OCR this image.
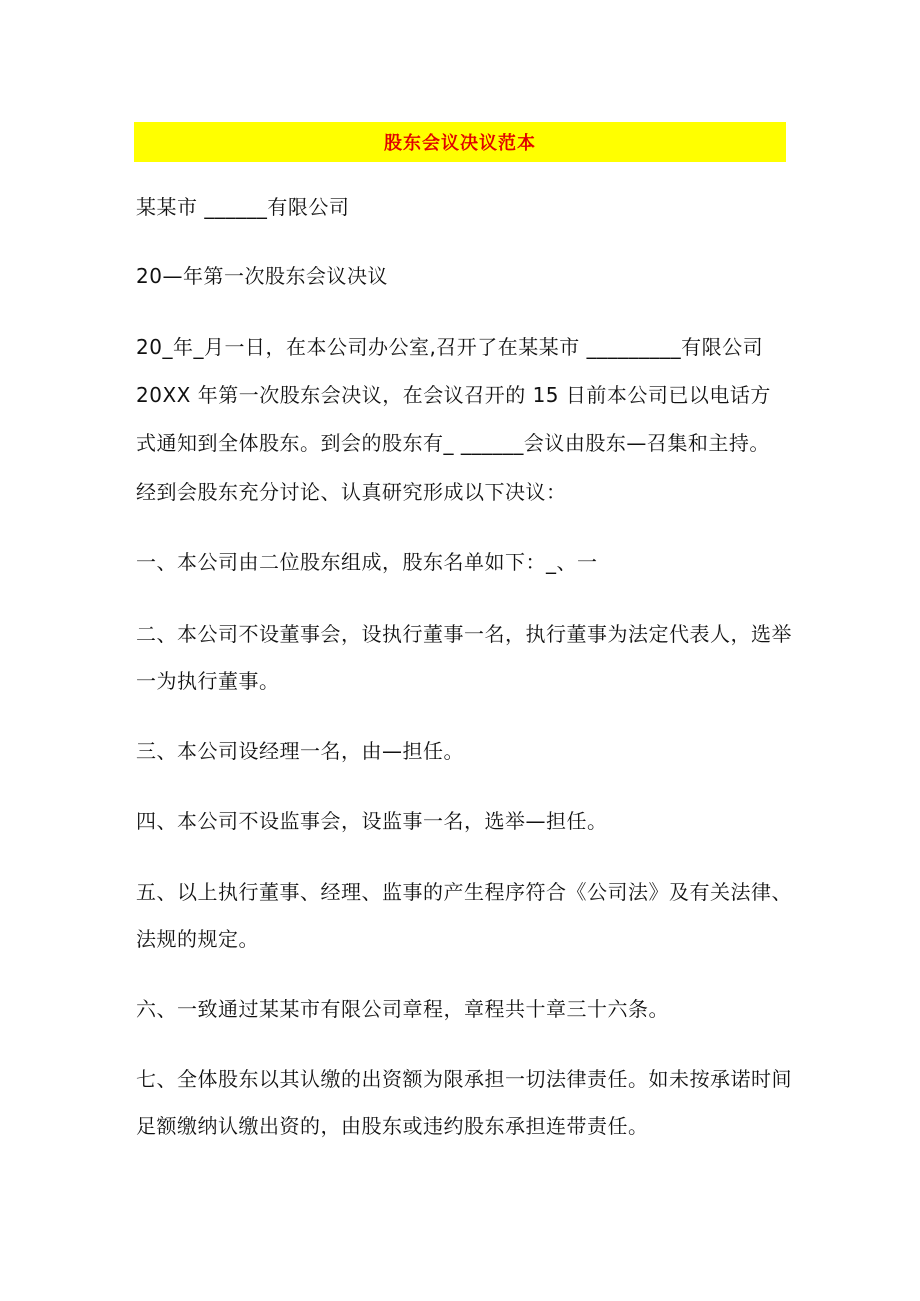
股东会议决议范本
某某市 ______有限公司
20—年第一次股东会议决议
20_年_月一日，在本公司办公室,召开了在某某市 _________有限公司
20XX 年第一次股东会决议，在会议召开的 15 日前本公司已以电话方
式通知到全体股东。到会的股东有_ ______会议由股东—召集和主持。
经到会股东充分讨论、认真研究形成以下决议：
一、本公司由二位股东组成，股东名单如下：_、一
二、本公司不设董事会，设执行董事一名，执行董事为法定代表人，选举
一为执行董事。
三、本公司设经理一名，由—担任。
四、本公司不设监事会，设监事一名，选举—担任。
五、以上执行董事、经理、监事的产生程序符合《公司法》及有关法律、
法规的规定。
六、一致通过某某市有限公司章程，章程共十章三十六条。
七、全体股东以其认缴的出资额为限承担一切法律责任。如未按承诺时间
足额缴纳认缴出资的，由股东或违约股东承担连带责任。
